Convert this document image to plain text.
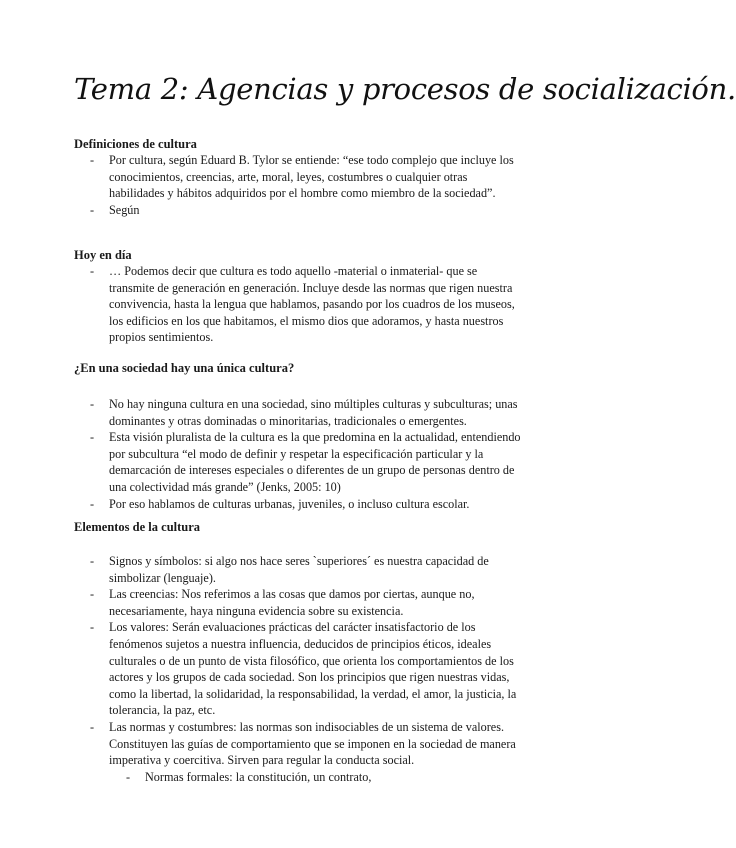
Tema 2: Agencias y procesos de socialización.

Definiciones de cultura

- Por cultura, según Eduard B. Tylor se entiende: “ese todo complejo que incluye los conocimientos, creencias, arte, moral, leyes, costumbres o cualquier otras habilidades y hábitos adquiridos por el hombre como miembro de la sociedad”.
- Según

Hoy en día

- … Podemos decir que cultura es todo aquello -material o inmaterial- que se transmite de generación en generación. Incluye desde las normas que rigen nuestra convivencia, hasta la lengua que hablamos, pasando por los cuadros de los museos, los edificios en los que habitamos, el mismo dios que adoramos, y hasta nuestros propios sentimientos.

¿En una sociedad hay una única cultura?

- No hay ninguna cultura en una sociedad, sino múltiples culturas y subculturas; unas dominantes y otras dominadas o minoritarias, tradicionales o emergentes.
- Esta visión pluralista de la cultura es la que predomina en la actualidad, entendiendo por subcultura “el modo de definir y respetar la especificación particular y la demarcación de intereses especiales o diferentes de un grupo de personas dentro de una colectividad más grande” (Jenks, 2005: 10)
- Por eso hablamos de culturas urbanas, juveniles, o incluso cultura escolar.

Elementos de la cultura

- Signos y símbolos: si algo nos hace seres `superiores´ es nuestra capacidad de simbolizar (lenguaje).
- Las creencias: Nos referimos a las cosas que damos por ciertas, aunque no, necesariamente, haya ninguna evidencia sobre su existencia.
- Los valores: Serán evaluaciones prácticas del carácter insatisfactorio de los fenómenos sujetos a nuestra influencia, deducidos de principios éticos, ideales culturales o de un punto de vista filosófico, que orienta los comportamientos de los actores y los grupos de cada sociedad. Son los principios que rigen nuestras vidas, como la libertad, la solidaridad, la responsabilidad, la verdad, el amor, la justicia, la tolerancia, la paz, etc.
- Las normas y costumbres: las normas son indisociables de un sistema de valores. Constituyen las guías de comportamiento que se imponen en la sociedad de manera imperativa y coercitiva. Sirven para regular la conducta social.
- Normas formales: la constitución, un contrato,
